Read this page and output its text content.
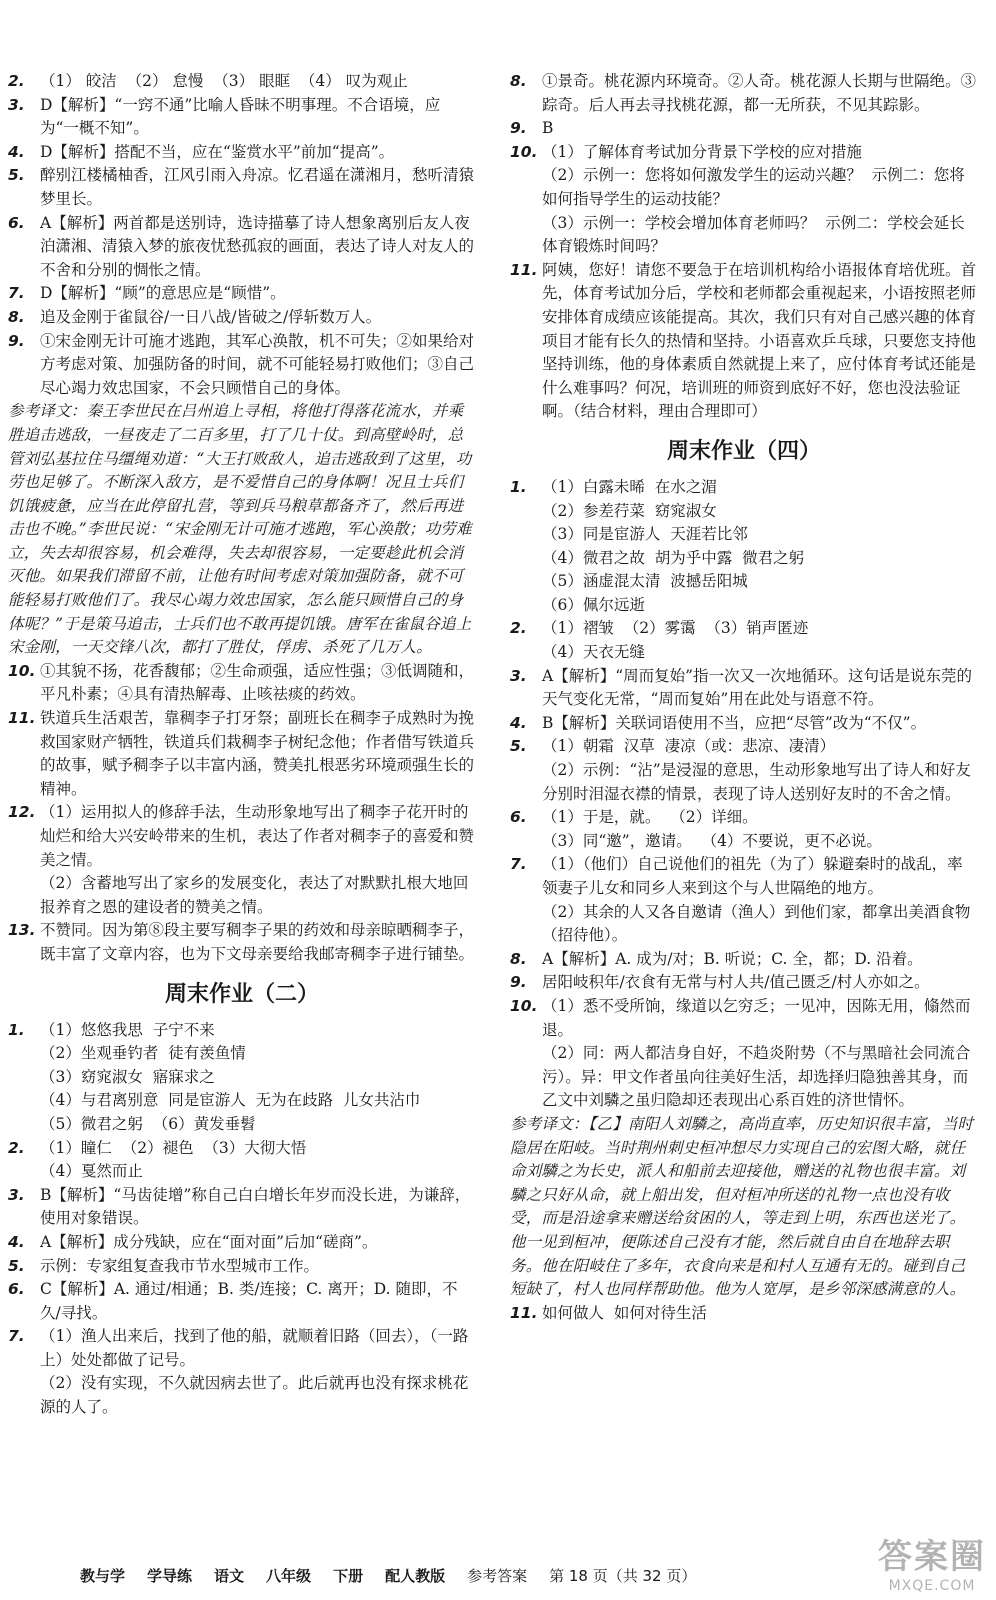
2. （1） 皎洁  （2） 怠慢  （3） 眼眶  （4） 叹为观止
3. D【解析】“一窍不通”比喻人昏昧不明事理。不合语境，应为“一概不知”。
4. D【解析】搭配不当，应在“鉴赏水平”前加“提高”。
5. 醉别江楼橘柚香，江风引雨入舟凉。忆君遥在潇湘月，愁听清猿梦里长。
6. A【解析】两首都是送别诗，选诗描摹了诗人想象离别后友人夜泊潇湘、清猿入梦的旅夜忧愁孤寂的画面，表达了诗人对友人的不舍和分别的惆怅之情。
7. D【解析】“顾”的意思应是“顾惜”。
8. 追及金刚于雀鼠谷/一日八战/皆破之/俘斩数万人。
9. ①宋金刚无计可施才逃跑，其军心涣散，机不可失；②如果给对方考虑对策、加强防备的时间，就不可能轻易打败他们；③自己尽心竭力效忠国家，不会只顾惜自己的身体。

参考译文：秦王李世民在吕州追上寻相，将他打得落花流水，并乘胜追击逃敌，一昼夜走了二百多里，打了几十仗。到高壁岭时，总管刘弘基拉住马缰绳劝道：“大王打败敌人，追击逃敌到了这里，功劳也足够了。不断深入敌方，是不爱惜自己的身体啊！况且士兵们饥饿疲惫，应当在此停留扎营，等到兵马粮草都备齐了，然后再进击也不晚。”李世民说：“宋金刚无计可施才逃跑，军心涣散；功劳难立，失去却很容易，机会难得，失去却很容易，一定要趁此机会消灭他。如果我们滞留不前，让他有时间考虑对策加强防备，就不可能轻易打败他们了。我尽心竭力效忠国家，怎么能只顾惜自己的身体呢？”于是策马追击，士兵们也不敢再提饥饿。唐军在雀鼠谷追上宋金刚，一天交锋八次，都打了胜仗，俘虏、杀死了几万人。

10. ①其貌不扬，花香馥郁；②生命顽强，适应性强；③低调随和，平凡朴素；④具有清热解毒、止咳祛痰的药效。
11. 铁道兵生活艰苦，靠稠李子打牙祭；副班长在稠李子成熟时为挽救国家财产牺牲，铁道兵们栽稠李子树纪念他；作者借写铁道兵的故事，赋予稠李子以丰富内涵，赞美扎根恶劣环境顽强生长的精神。
12. （1）运用拟人的修辞手法，生动形象地写出了稠李子花开时的灿烂和给大兴安岭带来的生机，表达了作者对稠李子的喜爱和赞美之情。
（2）含蓄地写出了家乡的发展变化，表达了对默默扎根大地回报养育之恩的建设者的赞美之情。
13. 不赞同。因为第⑧段主要写稠李子果的药效和母亲晾晒稠李子，既丰富了文章内容，也为下文母亲要给我邮寄稠李子进行铺垫。
周末作业（二）
1. （1）悠悠我思  子宁不来
（2）坐观垂钓者  徒有羡鱼情
（3）窈窕淑女  寤寐求之
（4）与君离别意  同是宦游人  无为在歧路  儿女共沾巾
（5）微君之躬  （6）黄发垂髫
2. （1）瞳仁  （2）褪色  （3）大彻大悟
（4）戛然而止
3. B【解析】“马齿徒增”称自己白白增长年岁而没长进，为谦辞，使用对象错误。
4. A【解析】成分残缺，应在“面对面”后加“磋商”。
5. 示例：专家组复查我市节水型城市工作。
6. C【解析】A. 通过/相通；B. 类/连接；C. 离开；D. 随即，不久/寻找。
7. （1）渔人出来后，找到了他的船，就顺着旧路（回去），（一路上）处处都做了记号。
（2）没有实现，不久就因病去世了。此后就再也没有探求桃花源的人了。
8. ①景奇。桃花源内环境奇。②人奇。桃花源人长期与世隔绝。③踪奇。后人再去寻找桃花源，都一无所获，不见其踪影。
9. B
10. （1）了解体育考试加分背景下学校的应对措施
（2）示例一：您将如何激发学生的运动兴趣？  示例二：您将如何指导学生的运动技能？
（3）示例一：学校会增加体育老师吗？  示例二：学校会延长体育锻炼时间吗？
11. 阿姨，您好！请您不要急于在培训机构给小语报体育培优班。首先，体育考试加分后，学校和老师都会重视起来，小语按照老师安排体育成绩应该能提高。其次，我们只有对自己感兴趣的体育项目才能有长久的热情和坚持。小语喜欢乒乓球，只要您支持他坚持训练，他的身体素质自然就提上来了，应付体育考试还能是什么难事吗？何况，培训班的师资到底好不好，您也没法验证啊。（结合材料，理由合理即可）
周末作业（四）
1. （1）白露未晞  在水之湄
（2）参差荇菜  窈窕淑女
（3）同是宦游人  天涯若比邻
（4）微君之故  胡为乎中露  微君之躬
（5）涵虚混太清  波撼岳阳城
（6）佩尔远逝
2. （1）褶皱  （2）雾霭  （3）销声匿迹
（4）天衣无缝
3. A【解析】“周而复始”指一次又一次地循环。这句话是说东莞的天气变化无常，“周而复始”用在此处与语意不符。
4. B【解析】关联词语使用不当，应把“尽管”改为“不仅”。
5. （1）朝霜  汉草  凄凉（或：悲凉、凄清）
（2）示例：“沾”是浸湿的意思，生动形象地写出了诗人和好友分别时泪湿衣襟的情景，表现了诗人送别好友时的不舍之情。
6. （1）于是，就。  （2）详细。
（3）同“邀”，邀请。  （4）不要说，更不必说。
7. （1）（他们）自己说他们的祖先（为了）躲避秦时的战乱，率领妻子儿女和同乡人来到这个与人世隔绝的地方。
（2）其余的人又各自邀请（渔人）到他们家，都拿出美酒食物（招待他）。
8. A【解析】A. 成为/对；B. 听说；C. 全，都；D. 沿着。
9. 居阳岐积年/衣食有无常与村人共/值己匮乏/村人亦如之。
10. （1）悉不受所饷，缘道以乞穷乏；一见冲，因陈无用，翛然而退。
（2）同：两人都洁身自好，不趋炎附势（不与黑暗社会同流合污）。异：甲文作者虽向往美好生活，却选择归隐独善其身，而乙文中刘驎之虽归隐却还表现出心系百姓的济世情怀。

参考译文：【乙】南阳人刘驎之，高尚直率，历史知识很丰富，当时隐居在阳岐。当时荆州刺史桓冲想尽力实现自己的宏图大略，就任命刘驎之为长史，派人和船前去迎接他，赠送的礼物也很丰富。刘驎之只好从命，就上船出发，但对桓冲所送的礼物一点也没有收受，而是沿途拿来赠送给贫困的人，等走到上明，东西也送光了。他一见到桓冲，便陈述自己没有才能，然后就自由自在地辞去职务。他在阳岐住了多年，衣食向来是和村人互通有无的。碰到自己短缺了，村人也同样帮助他。他为人宽厚，是乡邻深感满意的人。

11. 如何做人  如何对待生活
教与学 学导练 语文 八年级 下册 配人教版 参考答案 第 18 页（共 32 页）	答案圈
MXQE.COM
